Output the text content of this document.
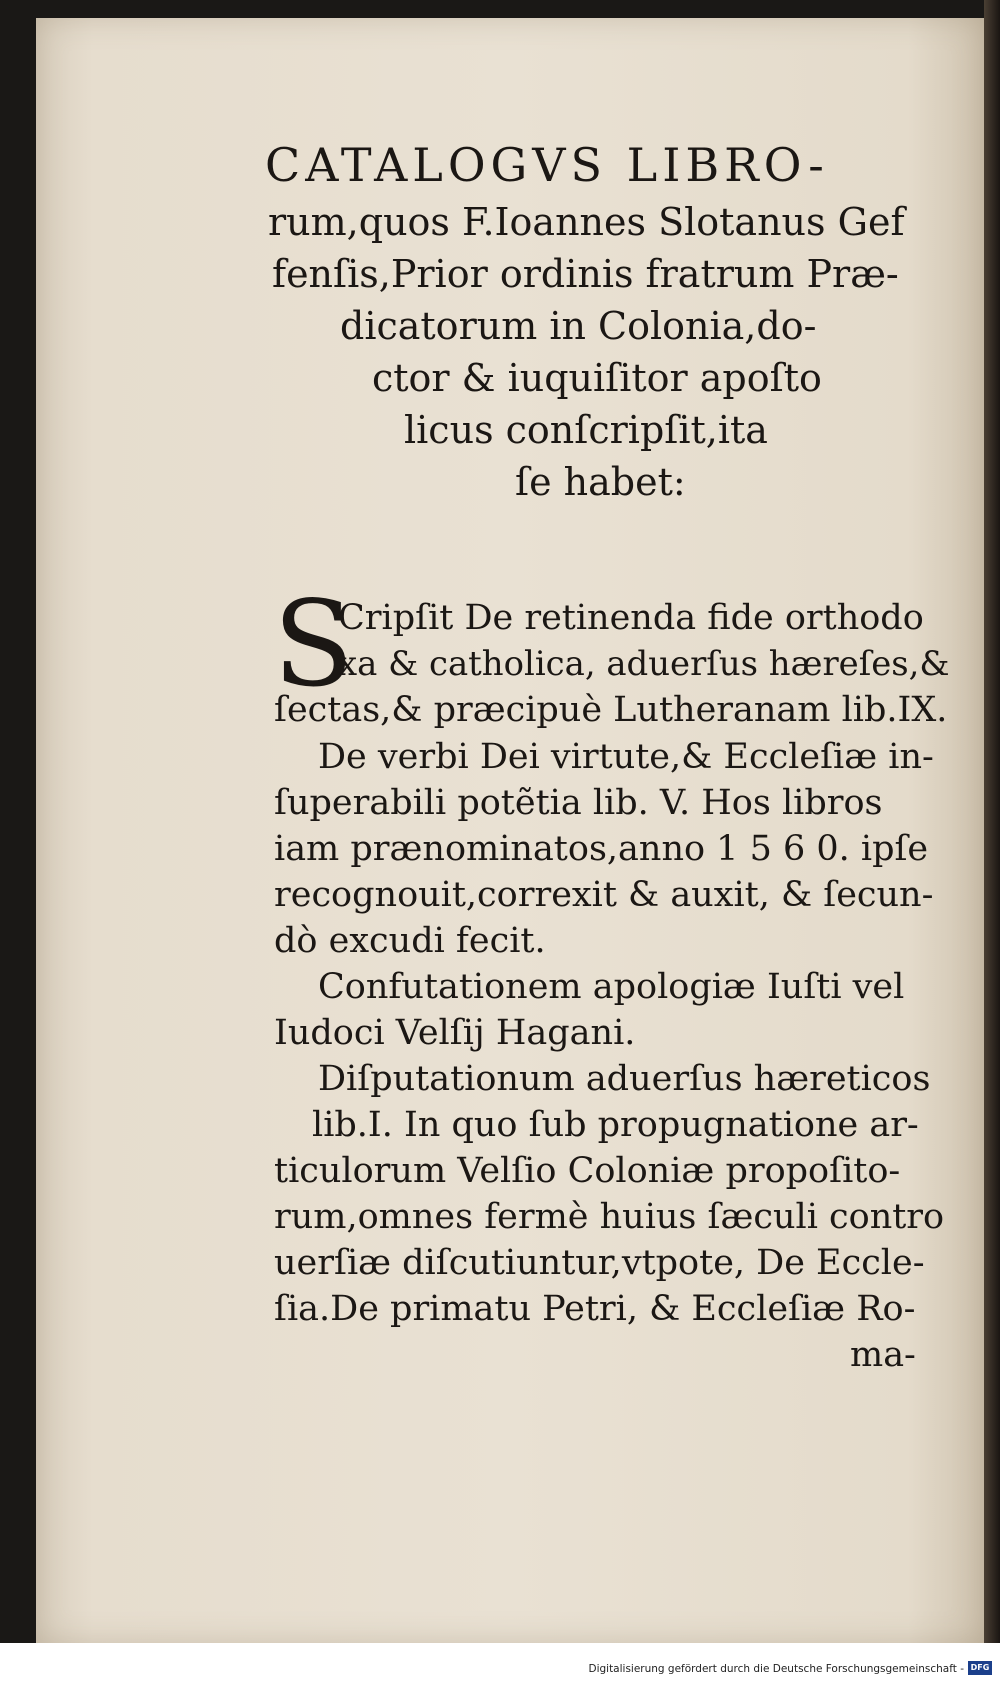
CATALOGVS LIBRO-
rum,quos F.Ioannes Slotanus Gef
fenſis,Prior ordinis fratrum Præ-
dicatorum in Colonia,do-
ctor & iuquiſitor apoſto
licus conſcripſit,ita
ſe habet:
S
Cripſit De retinenda fide orthodo
xa & catholica, aduerſus hæreſes,&
ſectas,& præcipuè Lutheranam lib.IX.
De verbi Dei virtute,& Eccleſiæ in-
ſuperabili potẽtia lib. V. Hos libros
iam prænominatos,anno 1 5 6 0. ipſe
recognouit,correxit & auxit, & ſecun-
dò excudi fecit.
Confutationem apologiæ Iuſti vel
Iudoci Velſij Hagani.
Diſputationum aduerſus hæreticos
lib.I. In quo ſub propugnatione ar-
ticulorum Velſio Coloniæ propoſito-
rum,omnes fermè huius ſæculi contro
uerſiæ diſcutiuntur,vtpote, De Eccle-
ſia.De primatu Petri, & Eccleſiæ Ro-
ma-
Digitalisierung gefördert durch die Deutsche Forschungsgemeinschaft - DFG
